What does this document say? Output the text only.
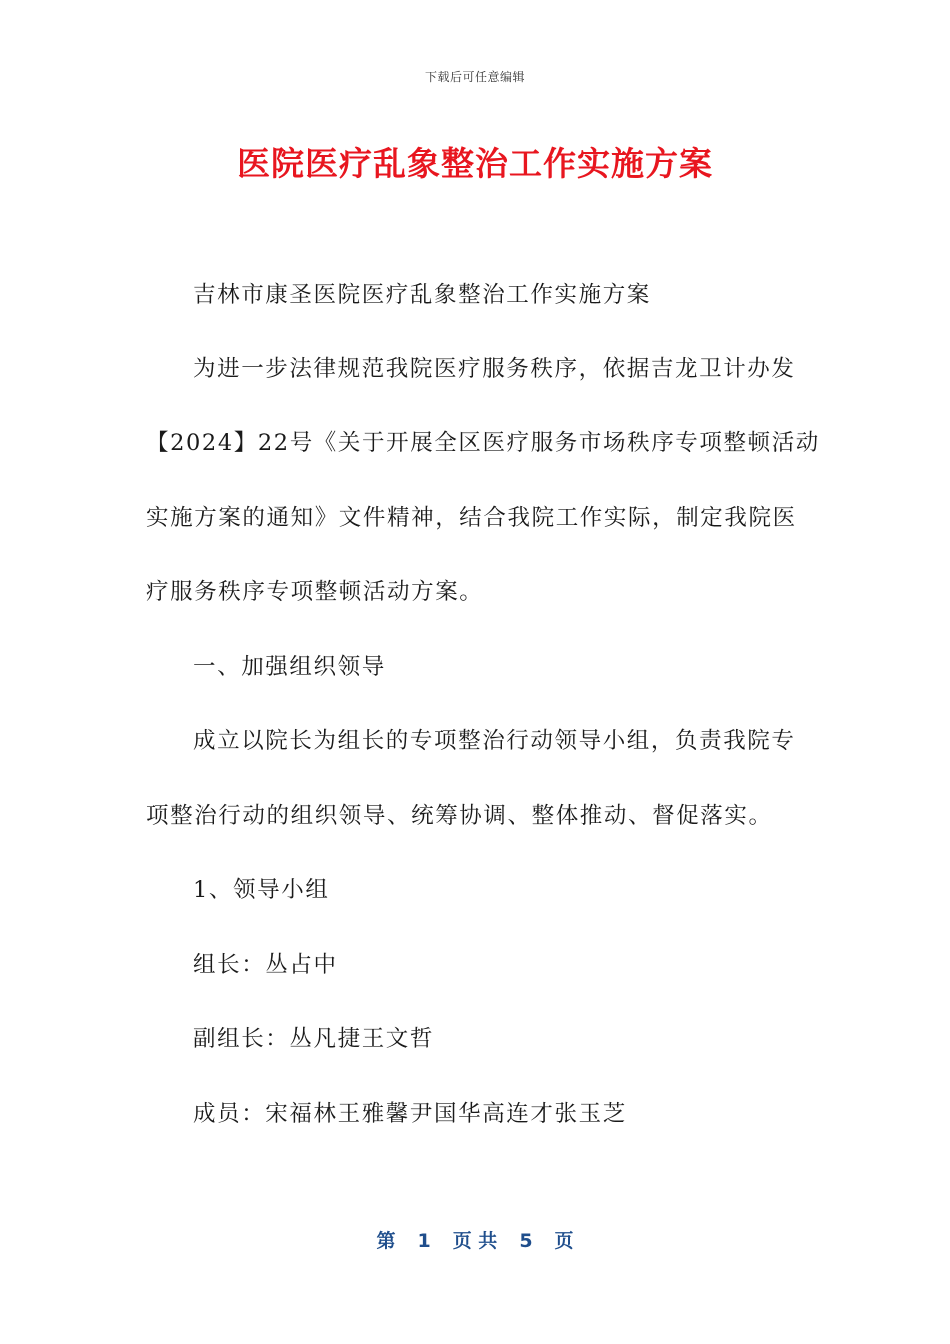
下载后可任意编辑
医院医疗乱象整治工作实施方案
吉林市康圣医院医疗乱象整治工作实施方案
为进一步法律规范我院医疗服务秩序，依据吉龙卫计办发
【2024】22号《关于开展全区医疗服务市场秩序专项整顿活动
实施方案的通知》文件精神，结合我院工作实际，制定我院医
疗服务秩序专项整顿活动方案。
一、加强组织领导
成立以院长为组长的专项整治行动领导小组，负责我院专
项整治行动的组织领导、统筹协调、整体推动、督促落实。
1、领导小组
组长：丛占中
副组长：丛凡捷王文哲
成员：宋福林王雅馨尹国华高连才张玉芝
第 1 页 共 5 页
